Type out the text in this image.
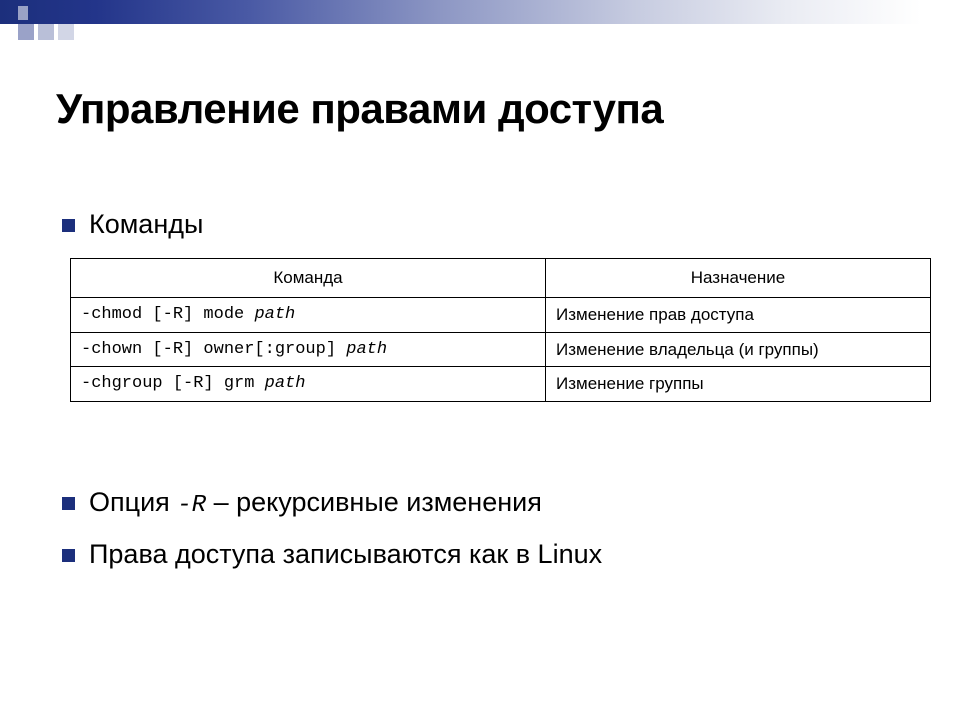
Управление правами доступа
Команды
Команда	Назначение
-chmod [-R] mode path	Изменение прав доступа
-chown [-R] owner[:group] path	Изменение владельца (и группы)
-chgroup [-R] grm path	Изменение группы
Опция -R – рекурсивные изменения
Права доступа записываются как в Linux
